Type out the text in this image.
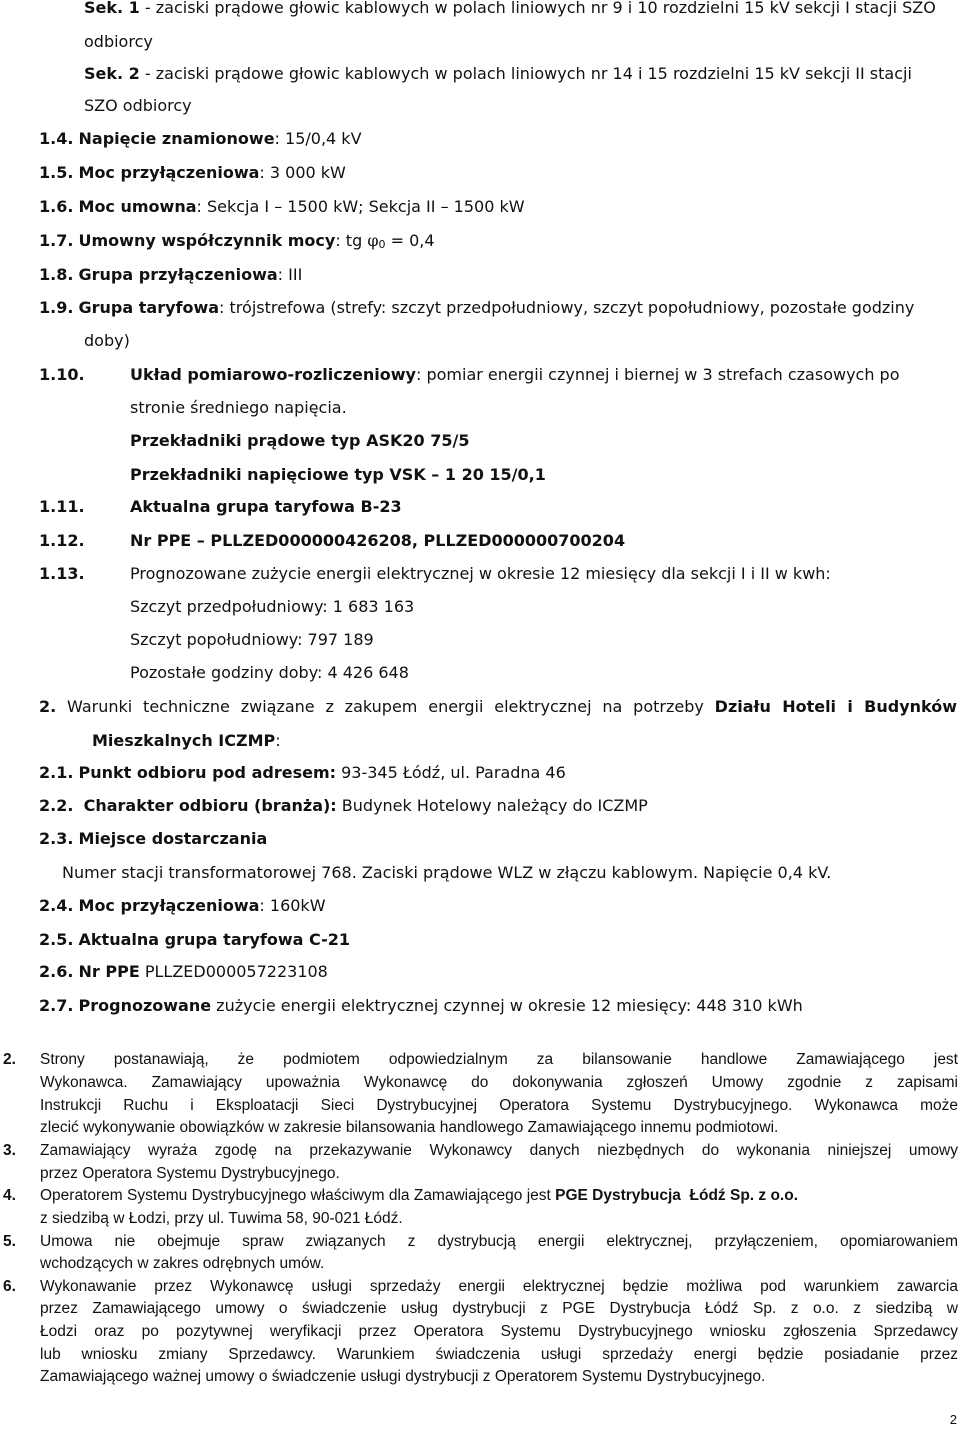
Sek. 1 - zaciski prądowe głowic kablowych w polach liniowych nr 9 i 10 rozdzielni 15 kV sekcji I stacji SZO
odbiorcy
Sek. 2 - zaciski prądowe głowic kablowych w polach liniowych nr 14 i 15 rozdzielni 15 kV sekcji II stacji
SZO odbiorcy
1.4. Napięcie znamionowe: 15/0,4 kV
1.5. Moc przyłączeniowa: 3 000 kW
1.6. Moc umowna: Sekcja I – 1500 kW; Sekcja II – 1500 kW
1.7. Umowny współczynnik mocy: tg φ0 = 0,4
1.8. Grupa przyłączeniowa: III
1.9. Grupa taryfowa: trójstrefowa (strefy: szczyt przedpołudniowy, szczyt popołudniowy, pozostałe godziny
doby)
1.10.	Układ pomiarowo-rozliczeniowy: pomiar energii czynnej i biernej w 3 strefach czasowych po
stronie średniego napięcia.
Przekładniki prądowe typ ASK20 75/5
Przekładniki napięciowe typ VSK – 1 20 15/0,1
1.11.	Aktualna grupa taryfowa B-23
1.12.	Nr PPE – PLLZED000000426208, PLLZED000000700204
1.13.	Prognozowane zużycie energii elektrycznej w okresie 12 miesięcy dla sekcji I i II w kwh:
Szczyt przedpołudniowy: 1 683 163
Szczyt popołudniowy: 797 189
Pozostałe godziny doby: 4 426 648
2. Warunki techniczne związane z zakupem energii elektrycznej na potrzeby Działu Hoteli i Budynków
Mieszkalnych ICZMP:
2.1. Punkt odbioru pod adresem: 93-345 Łódź, ul. Paradna 46
2.2. Charakter odbioru (branża): Budynek Hotelowy należący do ICZMP
2.3. Miejsce dostarczania
Numer stacji transformatorowej 768. Zaciski prądowe WLZ w złączu kablowym. Napięcie 0,4 kV.
2.4. Moc przyłączeniowa: 160kW
2.5. Aktualna grupa taryfowa C-21
2.6. Nr PPE PLLZED000057223108
2.7. Prognozowane zużycie energii elektrycznej czynnej w okresie 12 miesięcy: 448 310 kWh
2. Strony postanawiają, że podmiotem odpowiedzialnym za bilansowanie handlowe Zamawiającego jest
Wykonawca. Zamawiający upoważnia Wykonawcę do dokonywania zgłoszeń Umowy zgodnie z zapisami
Instrukcji Ruchu i Eksploatacji Sieci Dystrybucyjnej Operatora Systemu Dystrybucyjnego. Wykonawca może
zlecić wykonywanie obowiązków w zakresie bilansowania handlowego Zamawiającego innemu podmiotowi.
3. Zamawiający wyraża zgodę na przekazywanie Wykonawcy danych niezbędnych do wykonania niniejszej umowy
przez Operatora Systemu Dystrybucyjnego.
4. Operatorem Systemu Dystrybucyjnego właściwym dla Zamawiającego jest PGE Dystrybucja  Łódź Sp. z o.o.
z siedzibą w Łodzi, przy ul. Tuwima 58, 90-021 Łódź.
5. Umowa nie obejmuje spraw związanych z dystrybucją energii elektrycznej, przyłączeniem, opomiarowaniem
wchodzących w zakres odrębnych umów.
6. Wykonawanie przez Wykonawcę usługi sprzedaży energii elektrycznej będzie możliwa pod warunkiem zawarcia
przez Zamawiającego umowy o świadczenie usług dystrybucji z PGE Dystrybucja Łódź Sp. z o.o. z siedzibą w
Łodzi oraz po pozytywnej weryfikacji przez Operatora Systemu Dystrybucyjnego wniosku zgłoszenia Sprzedawcy
lub wniosku zmiany Sprzedawcy. Warunkiem świadczenia usługi sprzedaży energi będzie posiadanie przez
Zamawiającego ważnej umowy o świadczenie usługi dystrybucji z Operatorem Systemu Dystrybucyjnego.
2
